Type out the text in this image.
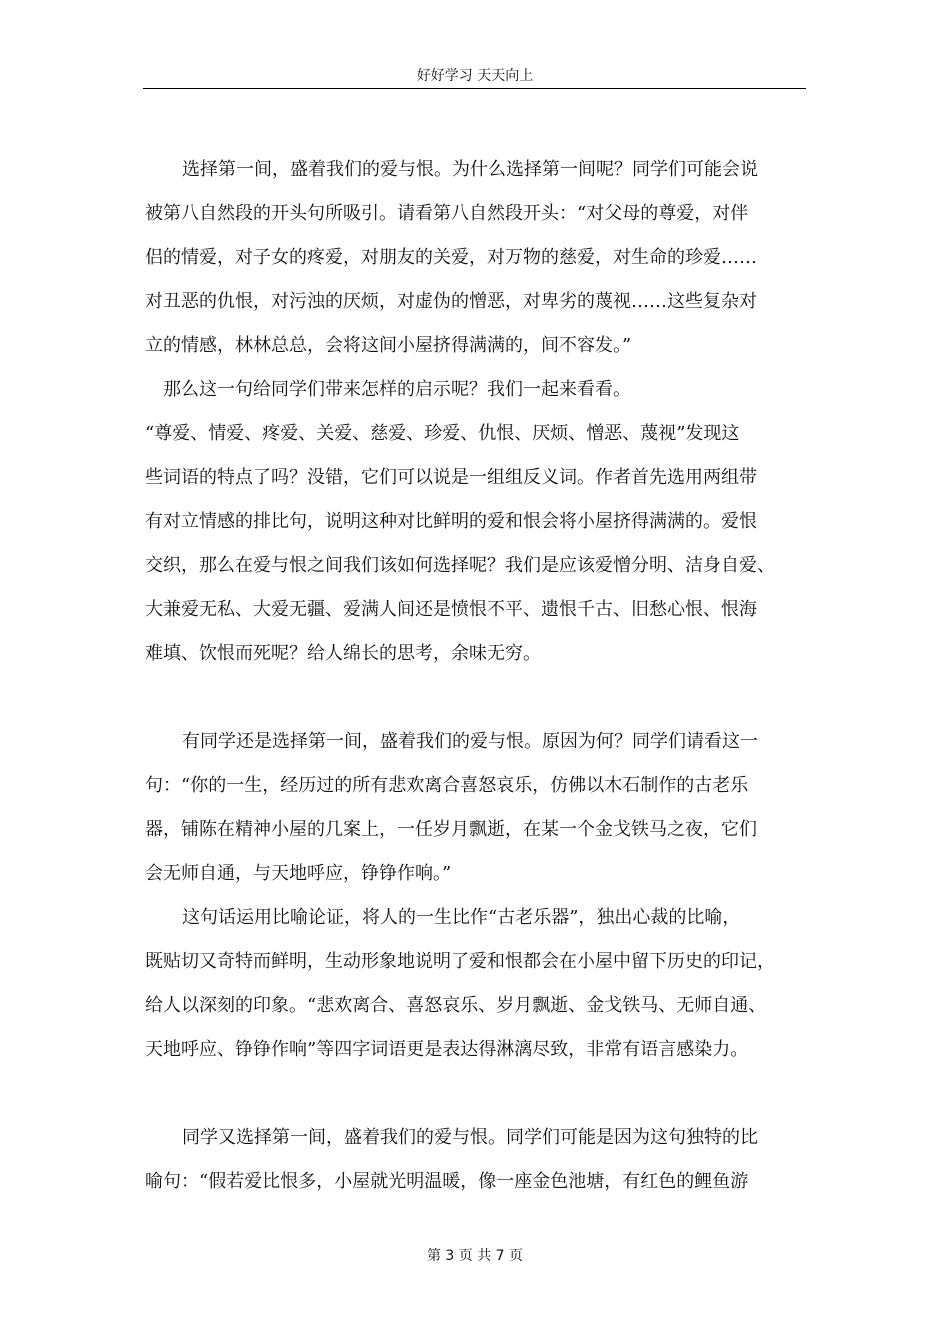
好好学习 天天向上
选择第一间，盛着我们的爱与恨。为什么选择第一间呢？同学们可能会说
被第八自然段的开头句所吸引。请看第八自然段开头：“对父母的尊爱，对伴
侣的情爱，对子女的疼爱，对朋友的关爱，对万物的慈爱，对生命的珍爱……
对丑恶的仇恨，对污浊的厌烦，对虚伪的憎恶，对卑劣的蔑视……这些复杂对
立的情感，林林总总，会将这间小屋挤得满满的，间不容发。”
那么这一句给同学们带来怎样的启示呢？我们一起来看看。
“尊爱、情爱、疼爱、关爱、慈爱、珍爱、仇恨、厌烦、憎恶、蔑视”发现这
些词语的特点了吗？没错，它们可以说是一组组反义词。作者首先选用两组带
有对立情感的排比句，说明这种对比鲜明的爱和恨会将小屋挤得满满的。爱恨
交织，那么在爱与恨之间我们该如何选择呢？我们是应该爱憎分明、洁身自爱、
大兼爱无私、大爱无疆、爱满人间还是愤恨不平、遗恨千古、旧愁心恨、恨海
难填、饮恨而死呢？给人绵长的思考，余味无穷。
有同学还是选择第一间，盛着我们的爱与恨。原因为何？同学们请看这一
句：“你的一生，经历过的所有悲欢离合喜怒哀乐，仿佛以木石制作的古老乐
器，铺陈在精神小屋的几案上，一任岁月飘逝，在某一个金戈铁马之夜，它们
会无师自通，与天地呼应，铮铮作响。”
这句话运用比喻论证，将人的一生比作“古老乐器”，独出心裁的比喻，
既贴切又奇特而鲜明，生动形象地说明了爱和恨都会在小屋中留下历史的印记，
给人以深刻的印象。“悲欢离合、喜怒哀乐、岁月飘逝、金戈铁马、无师自通、
天地呼应、铮铮作响”等四字词语更是表达得淋漓尽致，非常有语言感染力。
同学又选择第一间，盛着我们的爱与恨。同学们可能是因为这句独特的比
喻句：“假若爱比恨多，小屋就光明温暖，像一座金色池塘，有红色的鲤鱼游
第 3 页 共 7 页
